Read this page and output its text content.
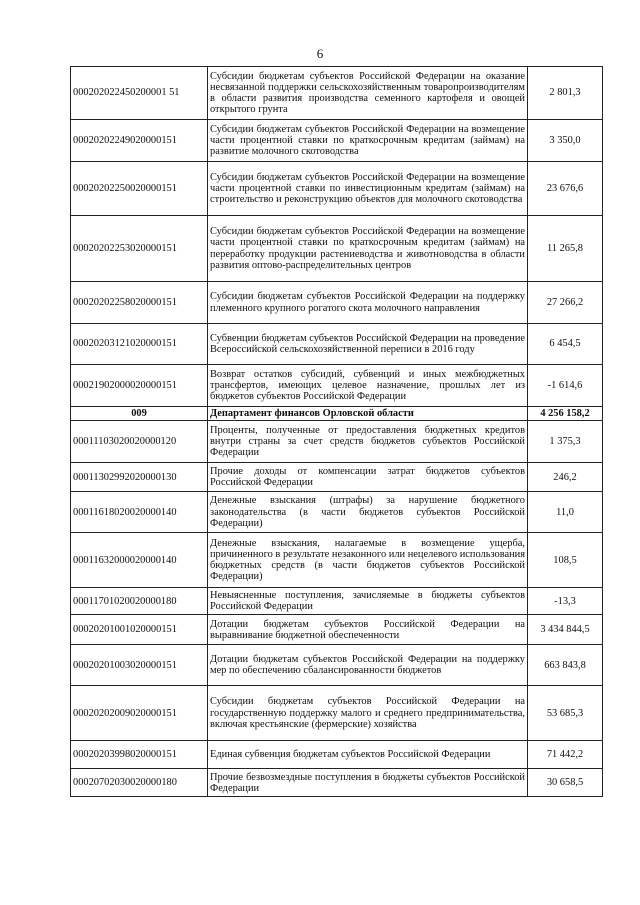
6
000202022450200001 51	Субсидии бюджетам субъектов Российской Федерации на оказание несвязанной поддержки сельскохозяйственным товаропроизводителям в области развития производства семенного картофеля и овощей открытого грунта	2 801,3
00020202249020000151	Субсидии бюджетам субъектов Российской Федерации на возмещение части процентной ставки по краткосрочным кредитам (займам) на развитие молочного скотоводства	3 350,0
00020202250020000151	Субсидии бюджетам субъектов Российской Федерации на возмещение части процентной ставки по инвестиционным кредитам (займам) на строительство и реконструкцию объектов для молочного скотоводства	23 676,6
00020202253020000151	Субсидии бюджетам субъектов Российской Федерации на возмещение части процентной ставки по краткосрочным кредитам (займам) на переработку продукции растениеводства и животноводства в области развития оптово-распределительных центров	11 265,8
00020202258020000151	Субсидии бюджетам субъектов Российской Федерации на поддержку племенного крупного рогатого скота молочного направления	27 266,2
00020203121020000151	Субвенции бюджетам субъектов Российской Федерации на проведение Всероссийской сельскохозяйственной переписи в 2016 году	6 454,5
00021902000020000151	Возврат остатков субсидий, субвенций и иных межбюджетных трансфертов, имеющих целевое назначение, прошлых лет из бюджетов субъектов Российской Федерации	-1 614,6
009	Департамент финансов Орловской области	4 256 158,2
00011103020020000120	Проценты, полученные от предоставления бюджетных кредитов внутри страны за счет средств бюджетов субъектов Российской Федерации	1 375,3
00011302992020000130	Прочие доходы от компенсации затрат бюджетов субъектов Российской Федерации	246,2
00011618020020000140	Денежные взыскания (штрафы) за нарушение бюджетного законодательства (в части бюджетов субъектов Российской Федерации)	11,0
00011632000020000140	Денежные взыскания, налагаемые в возмещение ущерба, причиненного в результате незаконного или нецелевого использования бюджетных средств (в части бюджетов субъектов Российской Федерации)	108,5
00011701020020000180	Невыясненные поступления, зачисляемые в бюджеты субъектов Российской Федерации	-13,3
00020201001020000151	Дотации бюджетам субъектов Российской Федерации на выравнивание бюджетной обеспеченности	3 434 844,5
00020201003020000151	Дотации бюджетам субъектов Российской Федерации на поддержку мер по обеспечению сбалансированности бюджетов	663 843,8
00020202009020000151	Субсидии бюджетам субъектов Российской Федерации на государственную поддержку малого и среднего предпринимательства, включая крестьянские (фермерские) хозяйства	53 685,3
00020203998020000151	Единая субвенция бюджетам субъектов Российской Федерации	71 442,2
00020702030020000180	Прочие безвозмездные поступления в бюджеты субъектов Российской Федерации	30 658,5
